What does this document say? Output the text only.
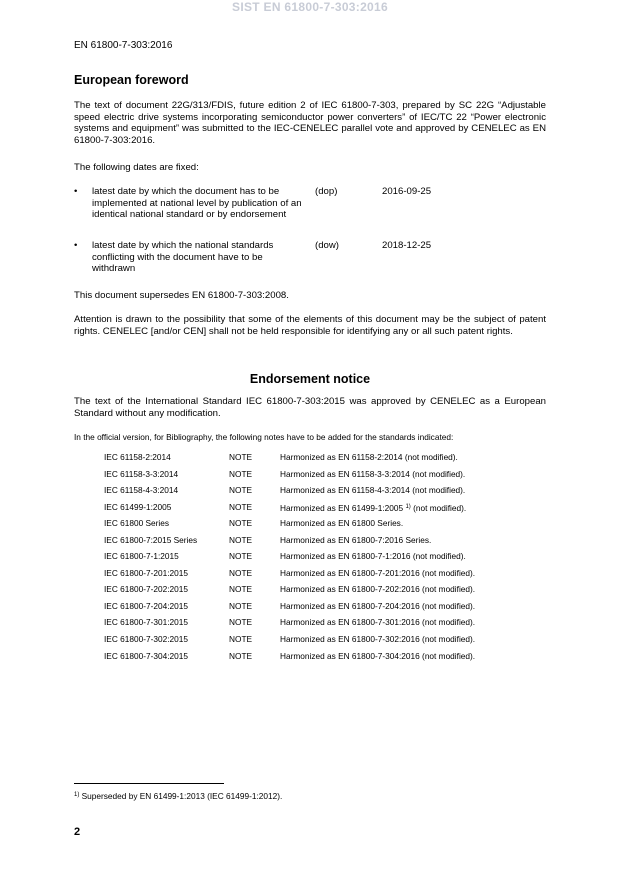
SIST EN 61800-7-303:2016
EN 61800-7-303:2016
European foreword

The text of document 22G/313/FDIS, future edition 2 of IEC 61800-7-303, prepared by SC 22G “Adjustable speed electric drive systems incorporating semiconductor power converters” of IEC/TC 22 “Power electronic systems and equipment” was submitted to the IEC-CENELEC parallel vote and approved by CENELEC as EN 61800-7-303:2016.

The following dates are fixed:

• latest date by which the document has to be implemented at national level by publication of an identical national standard or by endorsement
(dop)	2016-09-25
• latest date by which the national standards conflicting with the document have to be withdrawn
(dow)	2018-12-25

This document supersedes EN 61800-7-303:2008.

Attention is drawn to the possibility that some of the elements of this document may be the subject of patent rights. CENELEC [and/or CEN] shall not be held responsible for identifying any or all such patent rights.

Endorsement notice

The text of the International Standard IEC 61800-7-303:2015 was approved by CENELEC as a European Standard without any modification.

In the official version, for Bibliography, the following notes have to be added for the standards indicated:

IEC 61158-2:2014	NOTE	Harmonized as EN 61158-2:2014 (not modified).
IEC 61158-3-3:2014	NOTE	Harmonized as EN 61158-3-3:2014 (not modified).
IEC 61158-4-3:2014	NOTE	Harmonized as EN 61158-4-3:2014 (not modified).
IEC 61499-1:2005	NOTE	Harmonized as EN 61499-1:2005 $^{1)}$ (not modified).
IEC 61800 Series	NOTE	Harmonized as EN 61800 Series.
IEC 61800-7:2015 Series	NOTE	Harmonized as EN 61800-7:2016 Series.
IEC 61800-7-1:2015	NOTE	Harmonized as EN 61800-7-1:2016 (not modified).
IEC 61800-7-201:2015	NOTE	Harmonized as EN 61800-7-201:2016 (not modified).
IEC 61800-7-202:2015	NOTE	Harmonized as EN 61800-7-202:2016 (not modified).
IEC 61800-7-204:2015	NOTE	Harmonized as EN 61800-7-204:2016 (not modified).
IEC 61800-7-301:2015	NOTE	Harmonized as EN 61800-7-301:2016 (not modified).
IEC 61800-7-302:2015	NOTE	Harmonized as EN 61800-7-302:2016 (not modified).
IEC 61800-7-304:2015	NOTE	Harmonized as EN 61800-7-304:2016 (not modified).
$^{1)}$ Superseded by EN 61499-1:2013 (IEC 61499-1:2012).
2
